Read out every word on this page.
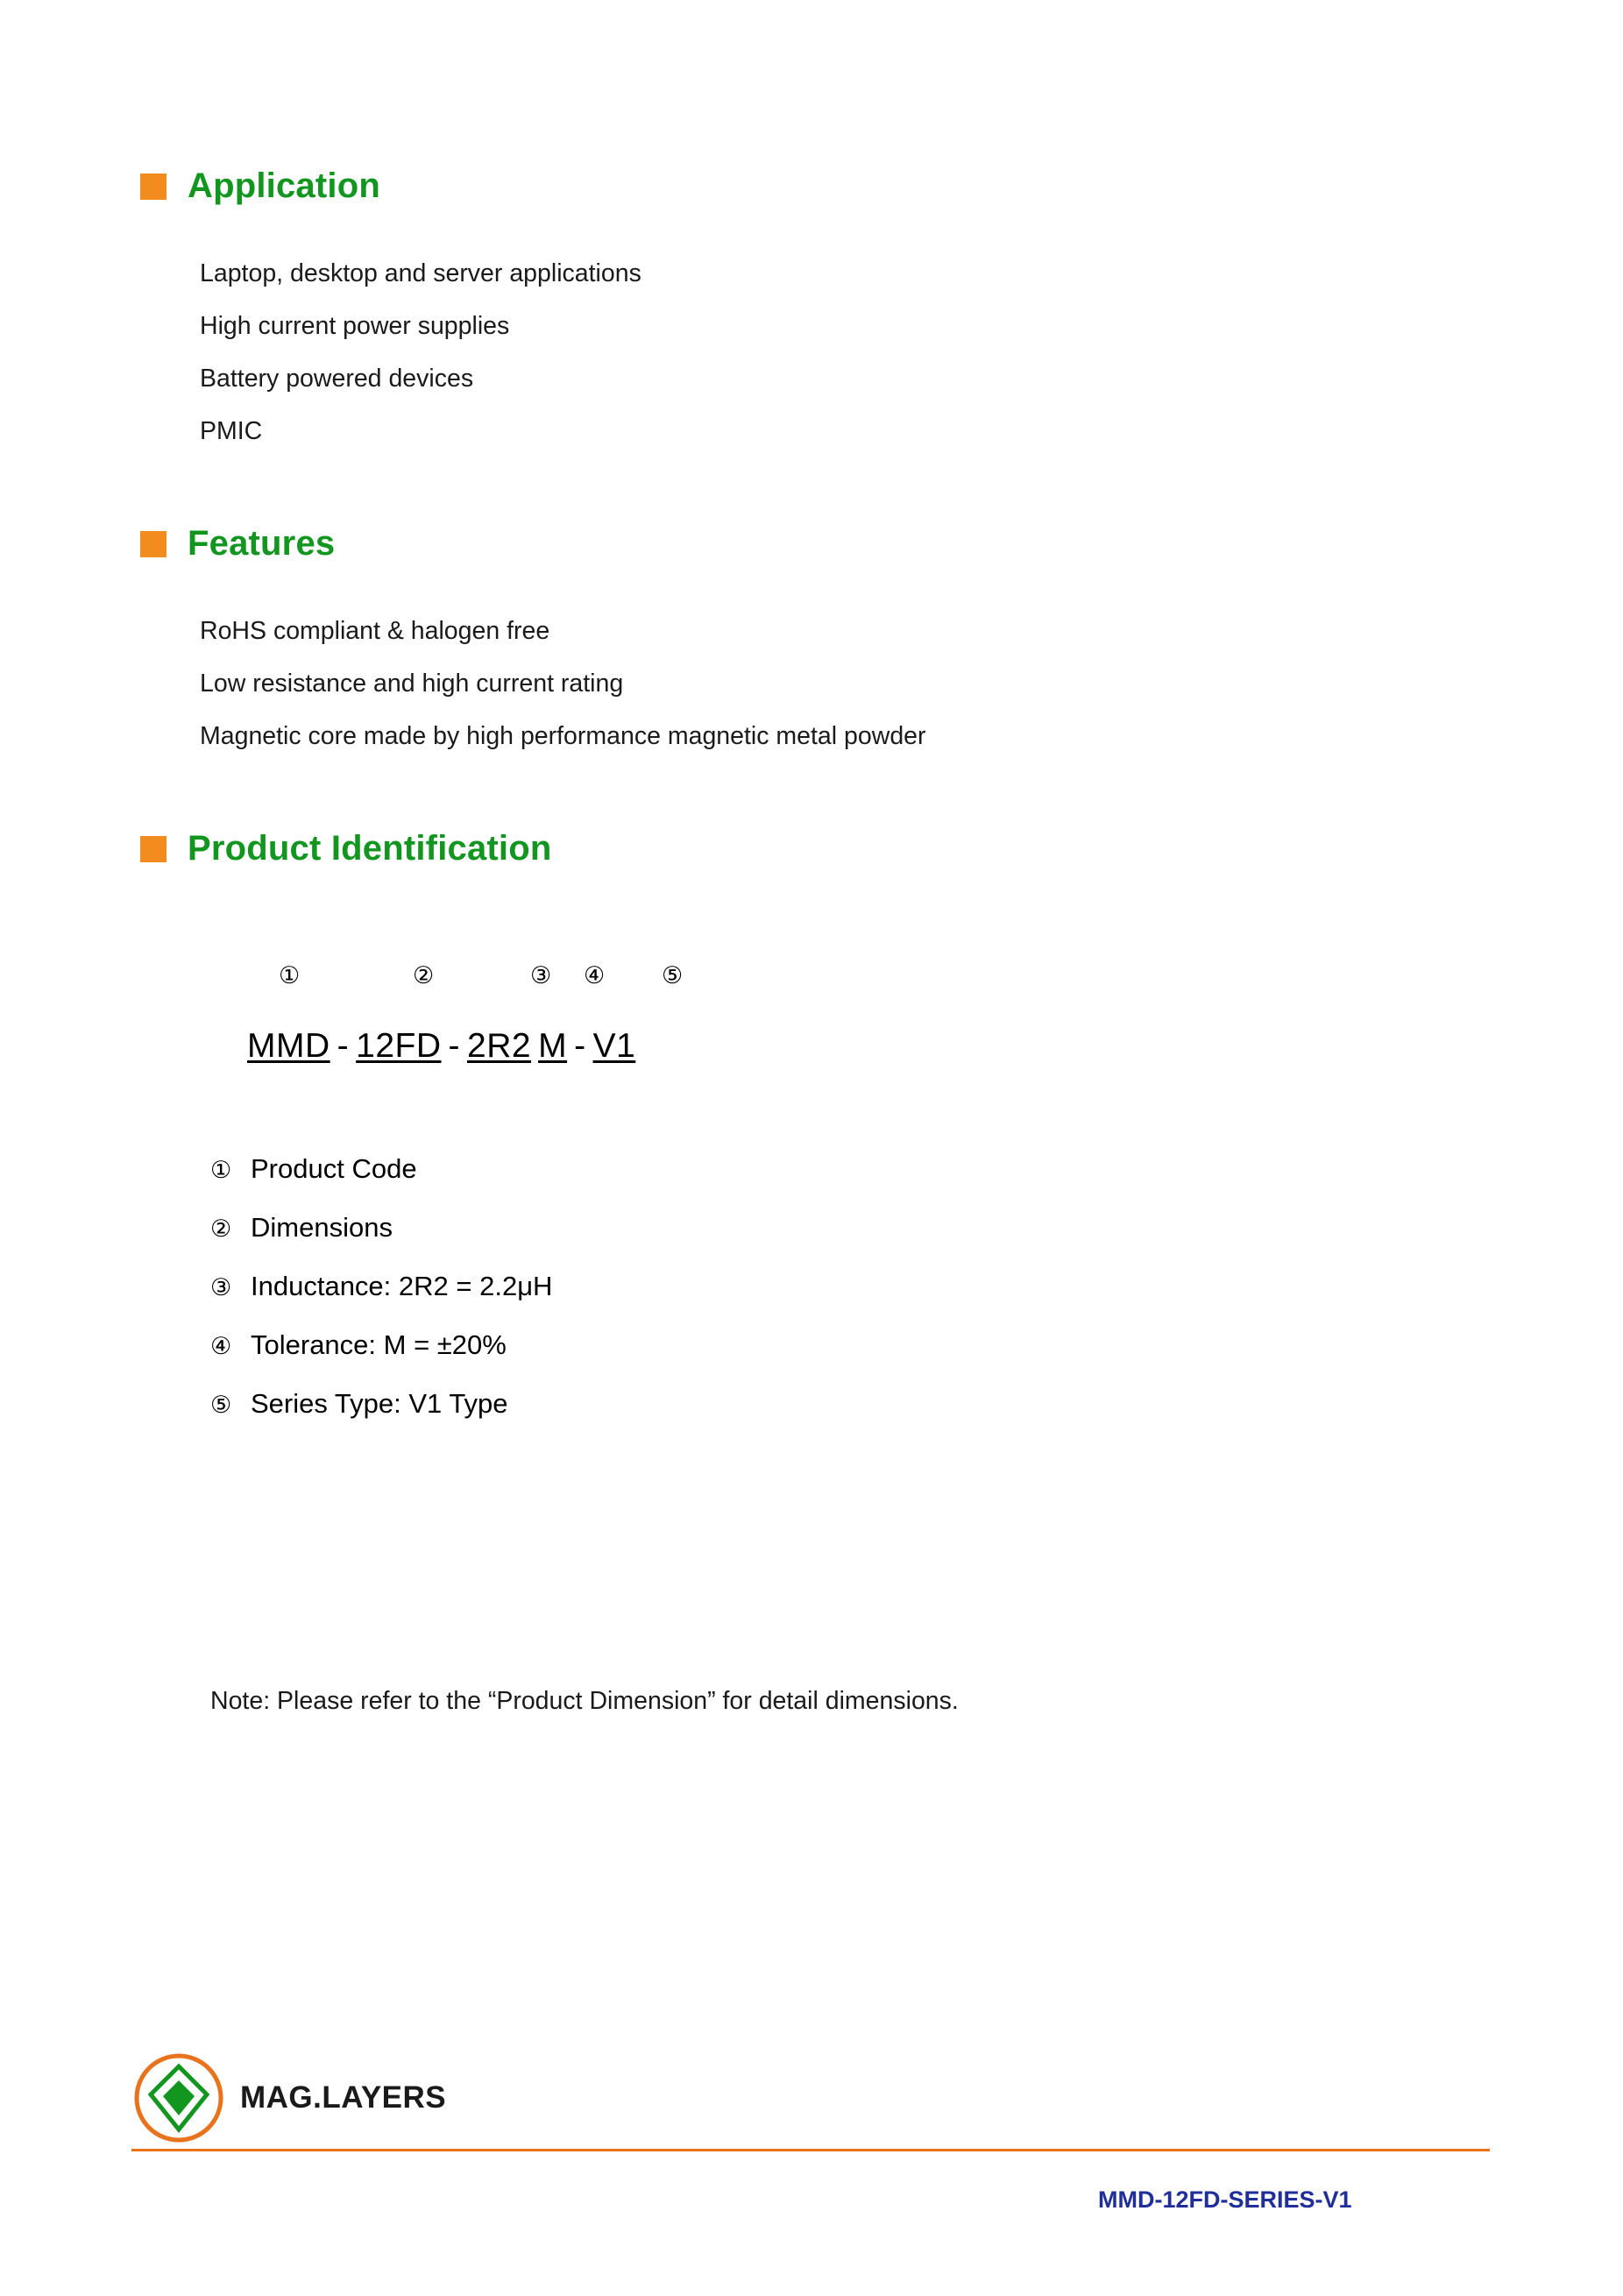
Application
Laptop, desktop and server applications
High current power supplies
Battery powered devices
PMIC
Features
RoHS compliant & halogen free
Low resistance and high current rating
Magnetic core made by high performance magnetic metal powder
Product Identification
①	②	③ ④ ⑤
MMD - 12FD - 2R2 M - V1
① Product Code
② Dimensions
③ Inductance: 2R2 = 2.2μH
④ Tolerance: M = ±20%
⑤ Series Type: V1 Type
Note: Please refer to the “Product Dimension” for detail dimensions.
MAG.LAYERS
MMD-12FD-SERIES-V1
